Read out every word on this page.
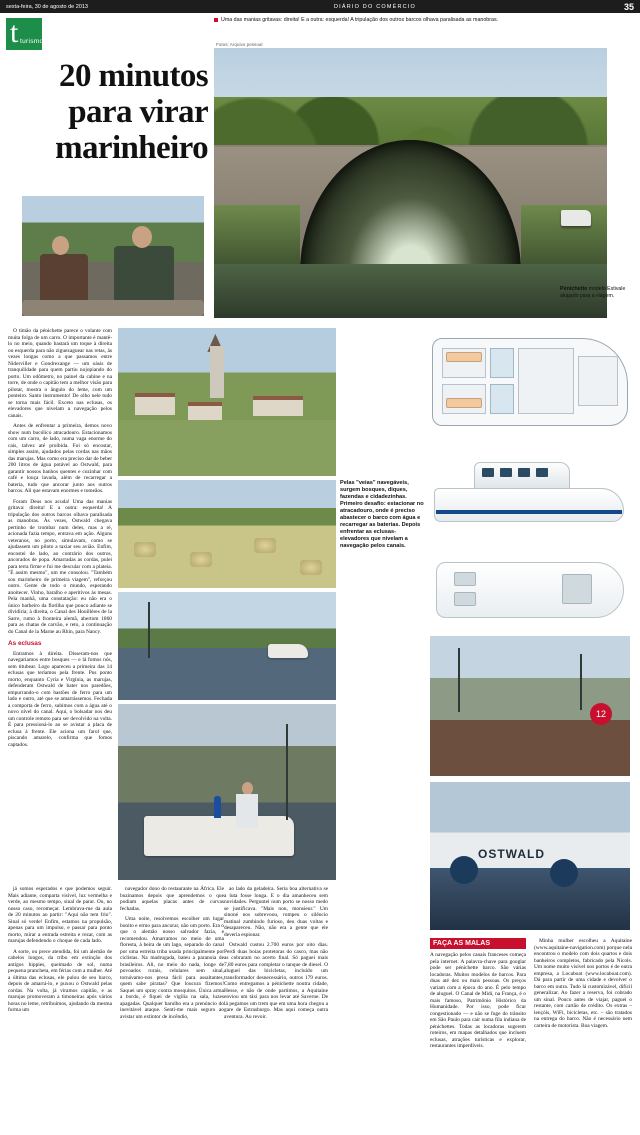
sexta-feira, 30 de agosto de 2013	DIÁRIO DO COMÉRCIO	35
Uma das manias gritavas: direita! E a outra: esquerda! A tripulação dos outros barcos olhava paralisada as manobras.
t turismo
20 minutos para virar marinheiro
Fotos: Arquivo pessoal
Pénichette modelo Estivale alugado para a viagem.

O timão da pénichette parece o volante com muita folga de um carro. O importante é mantê-lo no meio, quando bastará um toque à direita ou esquerda para não ziguezaguear nas retas, às vezes longas como a que passamos entre Niderviller e Gondrexange — um oásis de tranquilidade para quem partiu nojopiando do porto. Um odômetro, no painel da cabine e na torre, de onde o capitão tem a melhor visão para pilotar, mostra o ângulo do leme, com um ponteiro. Santo instrumento! De olho nele tudo se torna mais fácil. Exceto nas eclusas, os elevadores que nivelam a navegação pelos canais.

Antes de enfrentar a primeira, demos novo show num bucólico atracadouro. Estacionamos com um carro, de lado, numa vaga enorme do cais, talvez até proibida. Foi só encostar, simples assim, ajudados pelas cordas nas mãos das marujas. Mas como era preciso dar de beber 200 litros de água potável ao Ostwald, para garantir nossos banhos quentes e cozinhar com café e louça lavada, além de recarregar a bateria, tudo que ancorar junto aos outros barcos. Ali que estavam enormes e tomeãos.

Foram Deus nos acuda! Uma das manias gritava: direita! E a outra: esquerda! A tripulação dos outros barcos olhava paralisada as manobras. Às vezes, Ostwald chegava pertinho de trombar num deles, mas a ré, acionada fazia tempo, entrava em ação. Alguns veteranos, no porto, simulavam, como se ajudassem um piloto a taxiar seu avião. Enfim, encostei de lado, ao contrário dos outros, ancorados de popa. Amarradas as cordas, pulei para terra firme e fui me descular com a plateia. "É assim mesmo", um me consolou. "Também sou marinheiro de primeira viagem", reforçou outro. Gente de todo o mundo, esperando anoitecer. Vinho, baralho e aperitivos às mesas. Pela manhã, uma constatação: eu não era o único barbeiro da flotilha que pouco adiante se dividiria; à direita, o Canal des Houillères de la Sarre, rumo à fronteira alemã, abertom 1860 para as chatas de carvão, e reto, a continuação do Canal de la Marne au Rhin, para Nancy.

As eclusas

Entramos à direita. Disseram-nos que navegaríamos entre bosques — e lá fomos nós, sem titubear. Logo apareceu a primeira das 14 eclusas que teríamos pela frente. Pus ponto morto, enquanto Cyria e Virgínia, as marujas, defenderam Ostwald de bater nos paredões, empurrando-o com bastões de ferro para um lado e outro, até que se amarrássemos. Fechada a comporta de ferro, subimos com a água até o novo nível do canal. Aqui, o bolsadar nos deu um controle remoto para ser devolvido na volta. É para pressioná-lo ao se avistar a placa de eclusa à frente. Ele aciona um farol que, piscando amarelo, confirma que fomos captados.

Pelas "veias" navegáveis, surgem bosques, diques, fazendas e cidadezinhas. Primeiro desafio: estacionar no atracadouro, onde é preciso abastecer o barco com água e recarregar as baterias. Depois enfrentar as eclusas-elevadores que nivelam a navegação pelos canais.
12
OSTWALD

já somos esperados e que podemos seguir. Mais adiante, comparta visível, luz vermelha e verde, ao mesmo tempo, sinal de parar. Ou, no nosso caso, recomeçar. Lembrava-me da aula de 20 minutos ao partir: "Aqui não tem frio". Sinal só verde! Enfim, estamos na propulsão, apenas para um impulso, e passar para ponto morto, mirar a entrada estreita e rezar, com as marujas defendendo o choque de cada lado.

A sorte, ou prece atendida, foi um alemão de cabelos longos, da tribo em extinção dos antigos hippies, queimado de sol, numa pequena prancheta, em férias com a mulher. Até a última das eclusas, ele pulou de seu barco, depois de amarrá-lo, e puxou o Ostwald pelas cordas. Na volta, já viramos capitão, e as marujas promoveram a timoneiras após vários horas no leme, retribuímos, ajudando da mesma forma um

navegador dono do restaurante na África. Ele buzinamos depois que aprendemos o que podiam aquelas placas antes de curvas fechadas.

Uma noite, resolvemos escolher um lugar bonito e ermo para ancorar, não um porto. Era o que o alemão nosso salvador fazia, e recomendou. Amarramos no meio de uma floresta, à beira de um lago, separado do canal por uma estreita triba usada principalmente por ciclistas. Na madrugada, bateu a paranoia de brasileiros. Ali, no meio do nada, longe de povoados rurais, celulares sem sinal, tornávamo-nos presa fácil para assaltantes, quem sabe piratas? Que loucura fizemos! Saquei um spray contra mosquitos. Única arma a bordo, é fiquei de vigília na sala, luzes apagadas. Qualquer barulho era a prenúncio do inevitável ataque. Senti-me mais seguro ao avistar um extintor de incêndio,

ao lado da geladeira. Seria boa alternativa se a luta fosse longa. E o dia amanheceu sem novidades. Perguntei num porto se nosso medo se justificava. "Mais non, monsieur." Um sinoné nos sobrevoou, rompeu o silêncio matinal zumbindo furioso, deu duas voltas e desapareceu. Não, não era a gente que ele deveria espionar.

Ostwald custou 2.700 euros por oito dias. Perdi duas boias protetoras do casco, mas não as cobraram no acerto final. Só paguei mais 7,80 euros para completar o tanque de diesel. O aluguel das bicicletas, incluído um transformador desnecessário, outros 179 euros. Como entregamos a pénichette noutra cidade, Hesse, e não de onde partimos, a Aquitaine enviou um táxi para nos levar até Saverne. De lá pegamos um trem que em uma hora chegou a gare de Estrasburgo. Mas aqui começa outra aventura. Au revoir.

FAÇA AS MALAS
A navegação pelos canais franceses começa pela internet. A palavra-chave para googlar pode ser pénichette barco. São várias locadoras. Muitos modelos de barcos. Para duas até dez ou mais pessoas. Os preços variam com a época do ano. É pelo tempo de aluguel. O Canal de Midi, na França, é o mais famoso, Patrimônio Histórico da Humanidade. Por isso, pode ficar congestionado — e não se fuge do trânsito em São Paulo para cair numa fila indiana de pénichettes. Todas as locadoras sugerem roteiros, em mapas detalhados que incluem eclusas, atrações turísticas e explorar, restaurantes imperdíveis.

Minha mulher escolheu a Aquitaine (www.aquitaine-navigation.com) porque nela encontrou o modelo com dois quartos e dois banheiros completos, fabricado pela Nicols. Um nome muito visível nos portos é de outra empresa, a Locaboat (www.locaboat.com). Dá para partir de uma cidade e devolver o barco em outra. Tudo lá customizável, difícil generalizar. Ao fazer a reserva, foi cobrado um sinal. Pouco antes de viajar, paguei o restante, com cartão de crédito. Os extras – lençóis, WiFi, bicicletas, etc. – são tratados na entrega do barco. Não é necessário nem carteira de motorista. Boa viagem.
